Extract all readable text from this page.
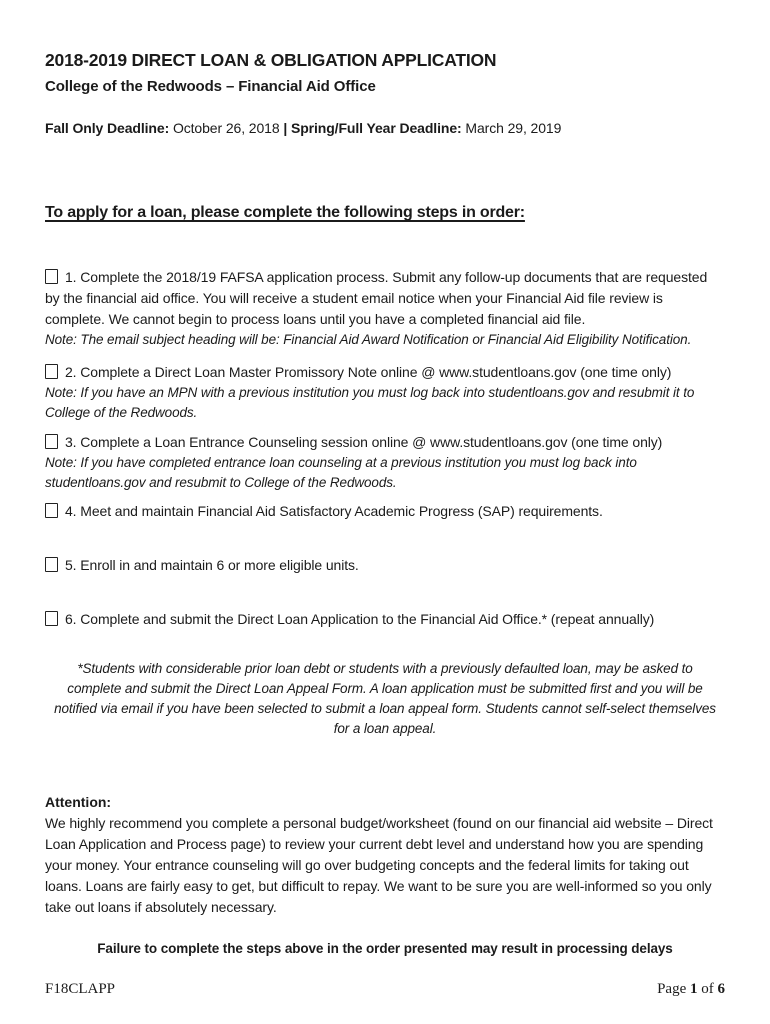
2018-2019 DIRECT LOAN & OBLIGATION APPLICATION
College of the Redwoods – Financial Aid Office

Fall Only Deadline: October 26, 2018 | Spring/Full Year Deadline: March 29, 2019

To apply for a loan, please complete the following steps in order:

1. Complete the 2018/19 FAFSA application process. Submit any follow-up documents that are requested by the financial aid office. You will receive a student email notice when your Financial Aid file review is complete. We cannot begin to process loans until you have a completed financial aid file.

Note: The email subject heading will be: Financial Aid Award Notification or Financial Aid Eligibility Notification.

2. Complete a Direct Loan Master Promissory Note online @ www.studentloans.gov (one time only)

Note: If you have an MPN with a previous institution you must log back into studentloans.gov and resubmit it to College of the Redwoods.

3. Complete a Loan Entrance Counseling session online @ www.studentloans.gov (one time only)

Note: If you have completed entrance loan counseling at a previous institution you must log back into studentloans.gov and resubmit to College of the Redwoods.

4. Meet and maintain Financial Aid Satisfactory Academic Progress (SAP) requirements.

5. Enroll in and maintain 6 or more eligible units.

6. Complete and submit the Direct Loan Application to the Financial Aid Office.* (repeat annually)

*Students with considerable prior loan debt or students with a previously defaulted loan, may be asked to complete and submit the Direct Loan Appeal Form. A loan application must be submitted first and you will be notified via email if you have been selected to submit a loan appeal form. Students cannot self-select themselves for a loan appeal.

Attention:

We highly recommend you complete a personal budget/worksheet (found on our financial aid website – Direct Loan Application and Process page) to review your current debt level and understand how you are spending your money. Your entrance counseling will go over budgeting concepts and the federal limits for taking out loans. Loans are fairly easy to get, but difficult to repay. We want to be sure you are well-informed so you only take out loans if absolutely necessary.

Failure to complete the steps above in the order presented may result in processing delays

F18CLAPP	Page 1 of 6
